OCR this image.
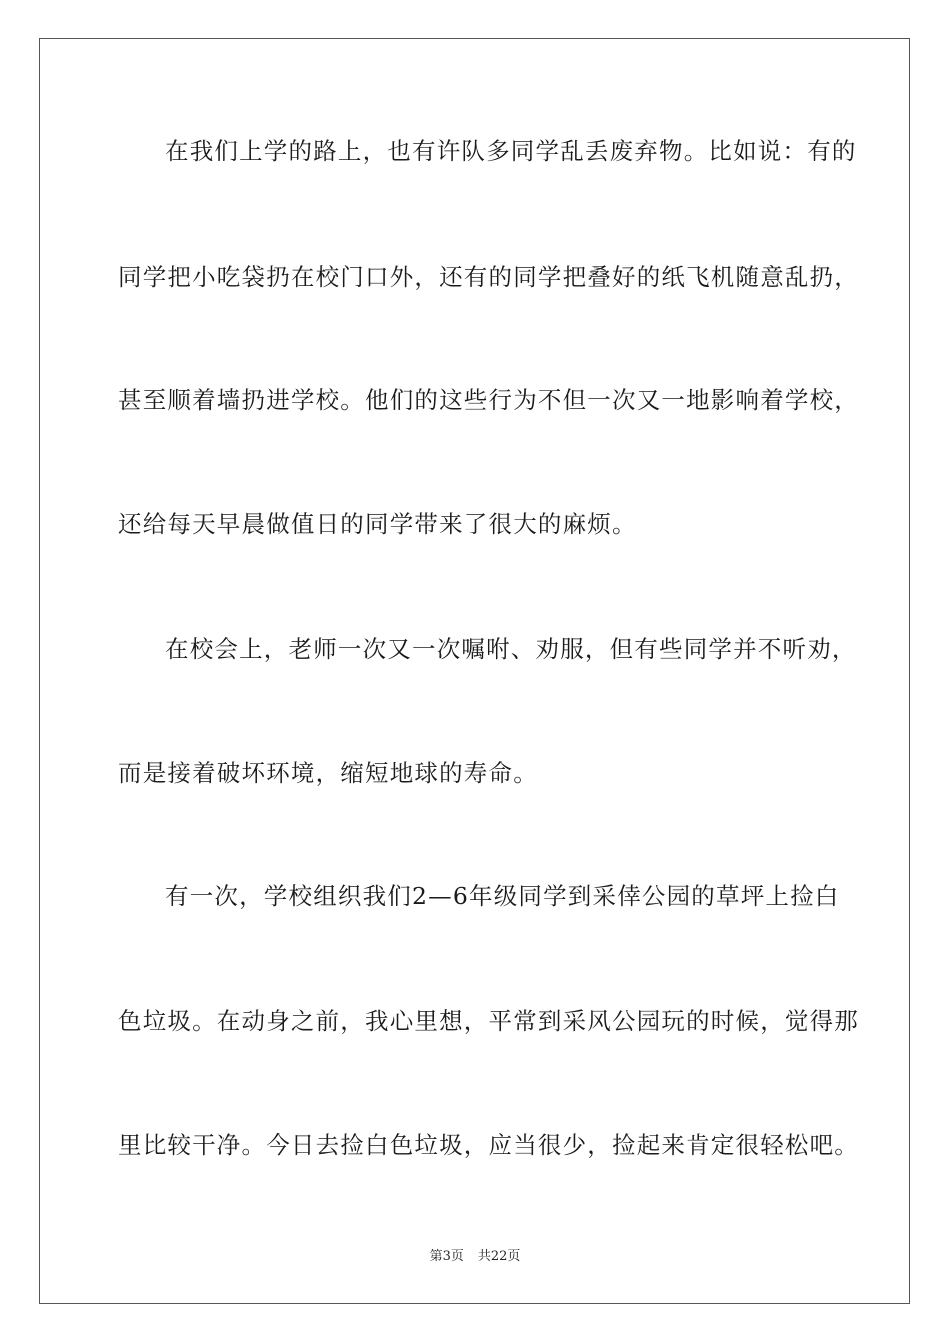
在我们上学的路上，也有许队多同学乱丢废弃物。比如说：有的
同学把小吃袋扔在校门口外，还有的同学把叠好的纸飞机随意乱扔，
甚至顺着墙扔进学校。他们的这些行为不但一次又一地影响着学校，
还给每天早晨做值日的同学带来了很大的麻烦。
在校会上，老师一次又一次嘱咐、劝服，但有些同学并不听劝，
而是接着破坏环境，缩短地球的寿命。
有一次，学校组织我们2—6年级同学到采倖公园的草坪上捡白
色垃圾。在动身之前，我心里想，平常到采风公园玩的时候，觉得那
里比较干净。今日去捡白色垃圾，应当很少，捡起来肯定很轻松吧。
第3页 共22页
